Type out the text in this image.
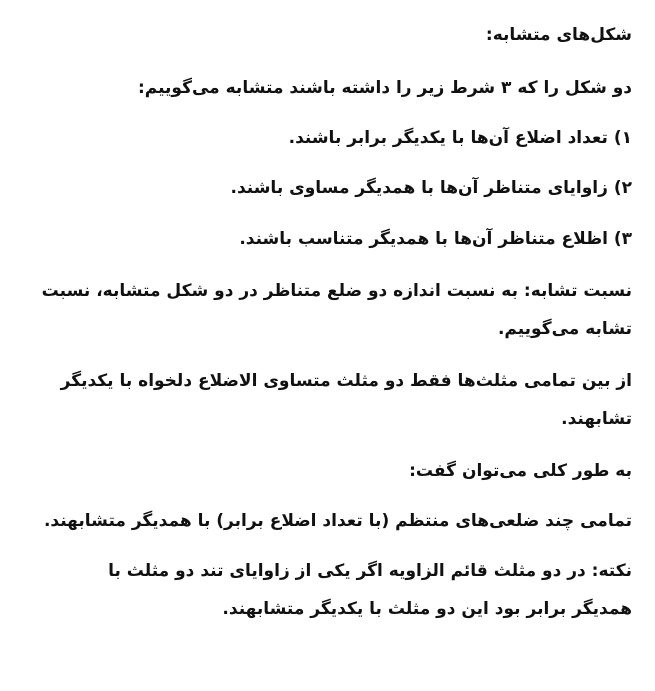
شکل‌های متشابه:
دو شکل را که ۳ شرط زیر را داشته باشند متشابه می‌گوییم:
۱) تعداد اضلاع آن‌ها با یکدیگر برابر باشند.
۲) زاوایای متناظر آن‌ها با همدیگر مساوی باشند.
۳) اظلاع متناظر آن‌ها با همدیگر متناسب باشند.
نسبت تشابه: به نسبت اندازه دو ضلع متناظر در دو شکل متشابه، نسبت
تشابه می‌گوییم.
از بین تمامی مثلث‌ها فقط دو مثلث متساوی الاضلاع دلخواه با یکدیگر
تشابهند.
به طور کلی می‌توان گفت:
تمامی چند ضلعی‌های منتظم (با تعداد اضلاع برابر) با همدیگر متشابهند.
نکته: در دو مثلث قائم الزاویه اگر یکی از زاوایای تند دو مثلث با
همدیگر برابر بود این دو مثلث با یکدیگر متشابهند.
